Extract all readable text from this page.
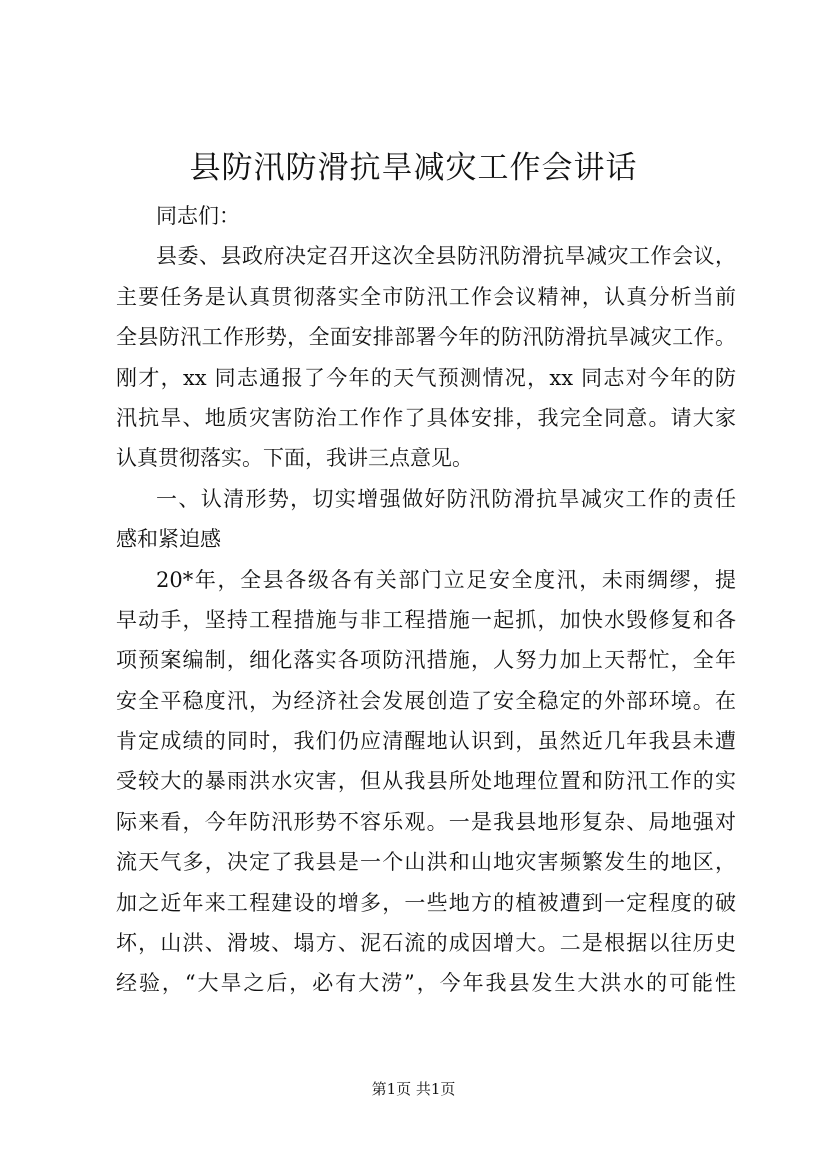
县防汛防滑抗旱减灾工作会讲话
同志们：
县委、县政府决定召开这次全县防汛防滑抗旱减灾工作会议，
主要任务是认真贯彻落实全市防汛工作会议精神，认真分析当前
全县防汛工作形势，全面安排部署今年的防汛防滑抗旱减灾工作。
刚才，xx 同志通报了今年的天气预测情况，xx 同志对今年的防
汛抗旱、地质灾害防治工作作了具体安排，我完全同意。请大家
认真贯彻落实。下面，我讲三点意见。
一、认清形势，切实增强做好防汛防滑抗旱减灾工作的责任
感和紧迫感
20*年，全县各级各有关部门立足安全度汛，未雨绸缪，提
早动手，坚持工程措施与非工程措施一起抓，加快水毁修复和各
项预案编制，细化落实各项防汛措施，人努力加上天帮忙，全年
安全平稳度汛，为经济社会发展创造了安全稳定的外部环境。在
肯定成绩的同时，我们仍应清醒地认识到，虽然近几年我县未遭
受较大的暴雨洪水灾害，但从我县所处地理位置和防汛工作的实
际来看，今年防汛形势不容乐观。一是我县地形复杂、局地强对
流天气多，决定了我县是一个山洪和山地灾害频繁发生的地区，
加之近年来工程建设的增多，一些地方的植被遭到一定程度的破
坏，山洪、滑坡、塌方、泥石流的成因增大。二是根据以往历史
经验，“大旱之后，必有大涝”，今年我县发生大洪水的可能性
第1页 共1页
